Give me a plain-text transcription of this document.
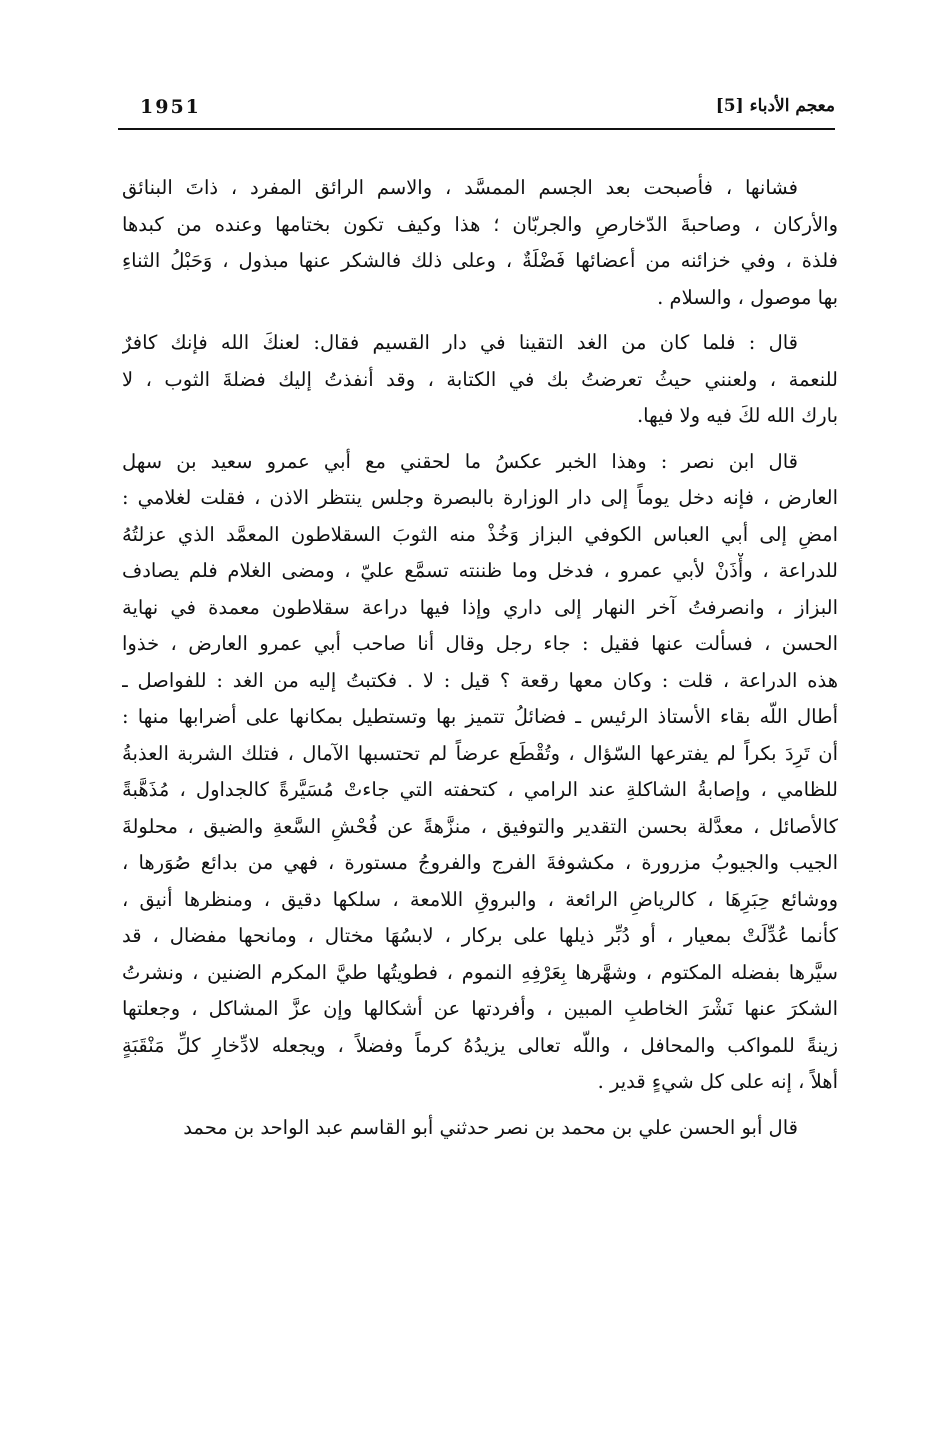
1951	معجم الأدباء [5]
فشانها ، فأصبحت بعد الجسم الممسَّد ، والاسم الرائق المفرد ، ذاتَ البنائق
والأركان ، وصاحبةَ الدّخارصِ والجربّان ؛ هذا وكيف تكون بختامها وعنده من كبدها
فلذة ، وفي خزائنه من أعضائها فَضْلَةٌ ، وعلى ذلك فالشكر عنها مبذول ، وَحَبْلُ الثناءِ
بها موصول ، والسلام .
قال : فلما كان من الغد التقينا في دار القسيم فقال: لعنكَ الله فإنك كافرٌ
للنعمة ، ولعنني حيثُ تعرضتُ بك في الكتابة ، وقد أنفذتُ إليك فضلةَ الثوب ، لا
بارك الله لكَ فيه ولا فيها.
قال ابن نصر : وهذا الخبر عكسُ ما لحقني مع أبي عمرو سعيد بن سهل
العارض ، فإنه دخل يوماً إلى دار الوزارة بالبصرة وجلس ينتظر الاذن ، فقلت لغلامي :
امضِ إلى أبي العباس الكوفي البزاز وَخُذْ منه الثوبَ السقلاطون المعمَّد الذي عزلتُهُ
للدراعة ، وأْذَنْ لأبي عمرو ، فدخل وما ظننته تسمَّع عليّ ، ومضى الغلام فلم يصادف
البزاز ، وانصرفتُ آخر النهار إلى داري وإذا فيها دراعة سقلاطون معمدة في نهاية
الحسن ، فسألت عنها فقيل : جاء رجل وقال أنا صاحب أبي عمرو العارض ، خذوا
هذه الدراعة ، قلت : وكان معها رقعة ؟ قيل : لا . فكتبتُ إليه من الغد : للفواصل ـ
أطال اللّه بقاء الأستاذ الرئيس ـ فضائلُ تتميز بها وتستطيل بمكانها على أضرابها منها :
أن تَرِدَ بكراً لم يفترعها السّؤال ، وتُقْطَع عرضاً لم تحتسبها الآمال ، فتلك الشربة العذبةُ
للظامي ، وإصابةُ الشاكلةِ عند الرامي ، كتحفته التي جاءتْ مُسَيَّرةً كالجداول ، مُذَهَّبةً
كالأصائل ، معدَّلة بحسن التقدير والتوفيق ، منزَّهةً عن فُحْشِ السَّعةِ والضيق ، محلولةَ
الجيب والجيوبُ مزرورة ، مكشوفةَ الفرج والفروجُ مستورة ، فهي من بدائع صُوَرها ،
ووشائع حِبَرِهَا ، كالرياضِ الرائعة ، والبروقِ اللامعة ، سلكها دقيق ، ومنظرها أنيق ،
كأنما عُدِّلَتْ بمعيار ، أو دُبِّر ذيلها على بركار ، لابسُهَا مختال ، ومانحها مفضال ، قد
سيَّرها بفضله المكتوم ، وشهَّرها بِعَرْفِهِ النموم ، فطويتُها طيَّ المكرم الضنين ، ونشرتُ
الشكرَ عنها نَشْرَ الخاطبِ المبين ، وأفردتها عن أشكالها وإن عزَّ المشاكل ، وجعلتها
زينةً للمواكب والمحافل ، واللّه تعالى يزيدُهُ كرماً وفضلاً ، ويجعله لادِّخارِ كلِّ مَنْقَبَةٍ
أهلاً ، إنه على كل شيءٍ قدير .
قال أبو الحسن علي بن محمد بن نصر حدثني أبو القاسم عبد الواحد بن محمد
